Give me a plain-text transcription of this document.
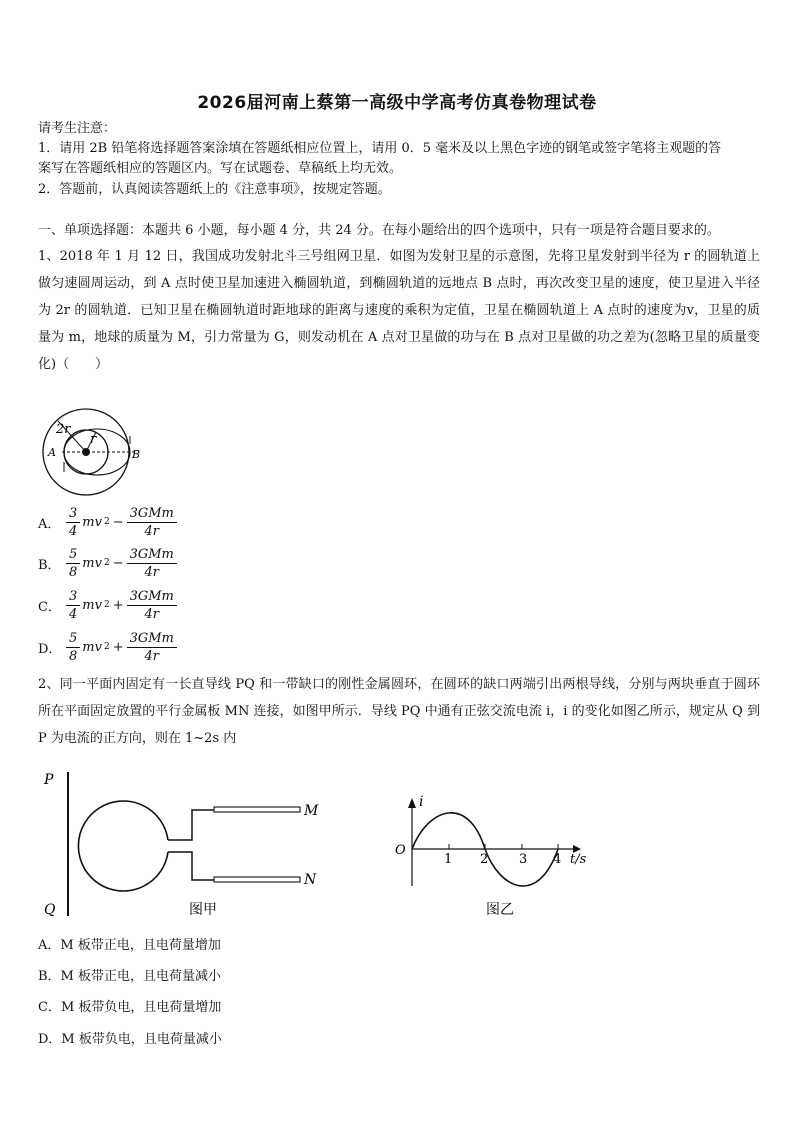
2026届河南上蔡第一高级中学高考仿真卷物理试卷
请考生注意：
1．请用 2B 铅笔将选择题答案涂填在答题纸相应位置上，请用 0．5 毫米及以上黑色字迹的钢笔或签字笔将主观题的答
案写在答题纸相应的答题区内。写在试题卷、草稿纸上均无效。
2．答题前，认真阅读答题纸上的《注意事项》，按规定答题。
一、单项选择题：本题共 6 小题，每小题 4 分，共 24 分。在每小题给出的四个选项中，只有一项是符合题目要求的。
1、2018 年 1 月 12 日，我国成功发射北斗三号组网卫星．如图为发射卫星的示意图，先将卫星发射到半径为 r 的圆轨道上做匀速圆周运动，到 A 点时使卫星加速进入椭圆轨道，到椭圆轨道的远地点 B 点时，再次改变卫星的速度，使卫星进入半径为 2r 的圆轨道．已知卫星在椭圆轨道时距地球的距离与速度的乘积为定值，卫星在椭圆轨道上 A 点时的速度为v，卫星的质量为 m，地球的质量为 M，引力常量为 G，则发动机在 A 点对卫星做的功与在 B 点对卫星做的功之差为(忽略卫星的质量变化)（　　）
2r
r
A	B
A． $\frac{3}{4}$ mv $2 - \frac{\text{3GMm}}{4r}$
B． $\frac{5}{8}$ mv $2 - \frac{\text{3GMm}}{4r}$
C． $\frac{3}{4}$ mv $2 + \frac{\text{3GMm}}{4r}$
D． $\frac{5}{8}$ mv $2 + \frac{\text{3GMm}}{4r}$
2、同一平面内固定有一长直导线 PQ 和一带缺口的刚性金属圆环，在圆环的缺口两端引出两根导线，分别与两块垂直于圆环所在平面固定放置的平行金属板 MN 连接，如图甲所示．导线 PQ 中通有正弦交流电流 i，i 的变化如图乙所示，规定从 Q 到 P 为电流的正方向，则在 1~2s 内
P
Q
M
N
图甲
i
O
1 2 3 4 t/s
图乙
A．M 板带正电，且电荷量增加
B．M 板带正电，且电荷量减小
C．M 板带负电，且电荷量增加
D．M 板带负电，且电荷量减小
